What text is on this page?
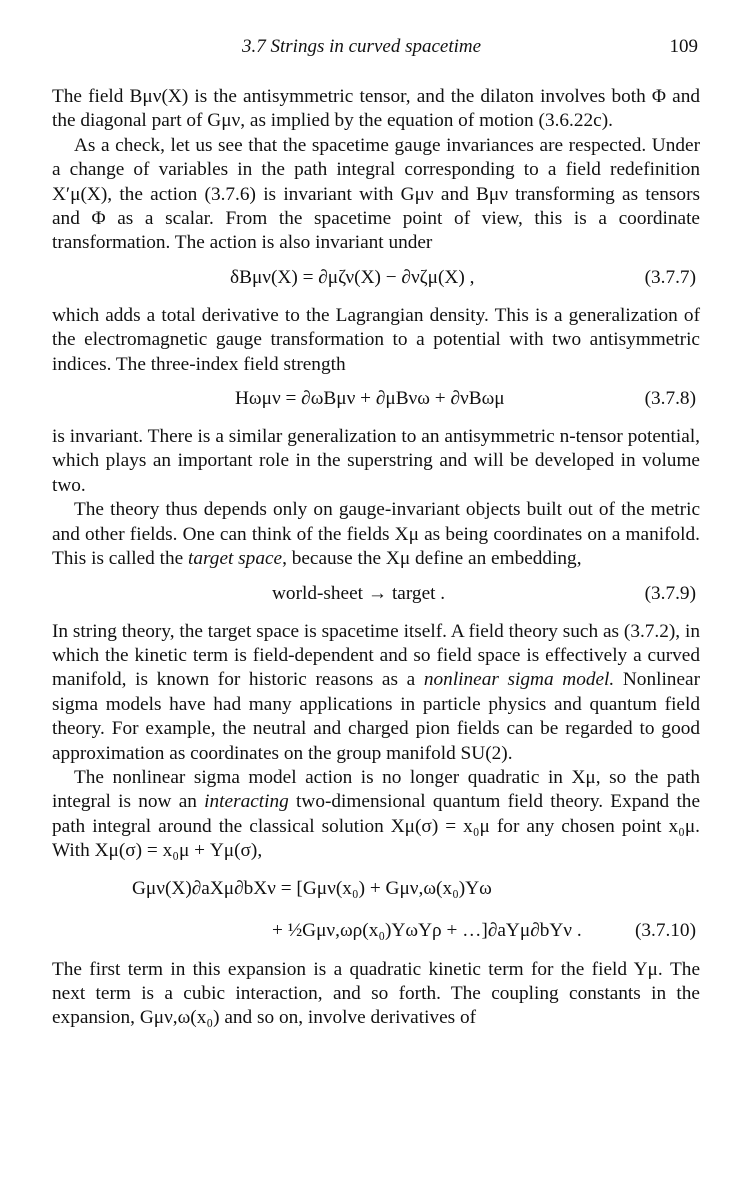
3.7 Strings in curved spacetime	109

The field Bμν(X) is the antisymmetric tensor, and the dilaton involves both Φ and the diagonal part of Gμν, as implied by the equation of motion (3.6.22c).

As a check, let us see that the spacetime gauge invariances are respected. Under a change of variables in the path integral corresponding to a field redefinition X′μ(X), the action (3.7.6) is invariant with Gμν and Bμν transforming as tensors and Φ as a scalar. From the spacetime point of view, this is a coordinate transformation. The action is also invariant under

δBμν(X) = ∂μζν(X) − ∂νζμ(X) ,	(3.7.7)

which adds a total derivative to the Lagrangian density. This is a generalization of the electromagnetic gauge transformation to a potential with two antisymmetric indices. The three-index field strength

Hωμν = ∂ωBμν + ∂μBνω + ∂νBωμ	(3.7.8)

is invariant. There is a similar generalization to an antisymmetric n-tensor potential, which plays an important role in the superstring and will be developed in volume two.

The theory thus depends only on gauge-invariant objects built out of the metric and other fields. One can think of the fields Xμ as being coordinates on a manifold. This is called the target space, because the Xμ define an embedding,

world-sheet → target .	(3.7.9)

In string theory, the target space is spacetime itself. A field theory such as (3.7.2), in which the kinetic term is field-dependent and so field space is effectively a curved manifold, is known for historic reasons as a nonlinear sigma model. Nonlinear sigma models have had many applications in particle physics and quantum field theory. For example, the neutral and charged pion fields can be regarded to good approximation as coordinates on the group manifold SU(2).

The nonlinear sigma model action is no longer quadratic in Xμ, so the path integral is now an interacting two-dimensional quantum field theory. Expand the path integral around the classical solution Xμ(σ) = x₀μ for any chosen point x₀μ. With Xμ(σ) = x₀μ + Yμ(σ),

Gμν(X)∂aXμ∂bXν = [Gμν(x₀) + Gμν,ω(x₀)Yω
+ ½Gμν,ωρ(x₀)YωYρ + …]∂aYμ∂bYν .	(3.7.10)

The first term in this expansion is a quadratic kinetic term for the field Yμ. The next term is a cubic interaction, and so forth. The coupling constants in the expansion, Gμν,ω(x₀) and so on, involve derivatives of
